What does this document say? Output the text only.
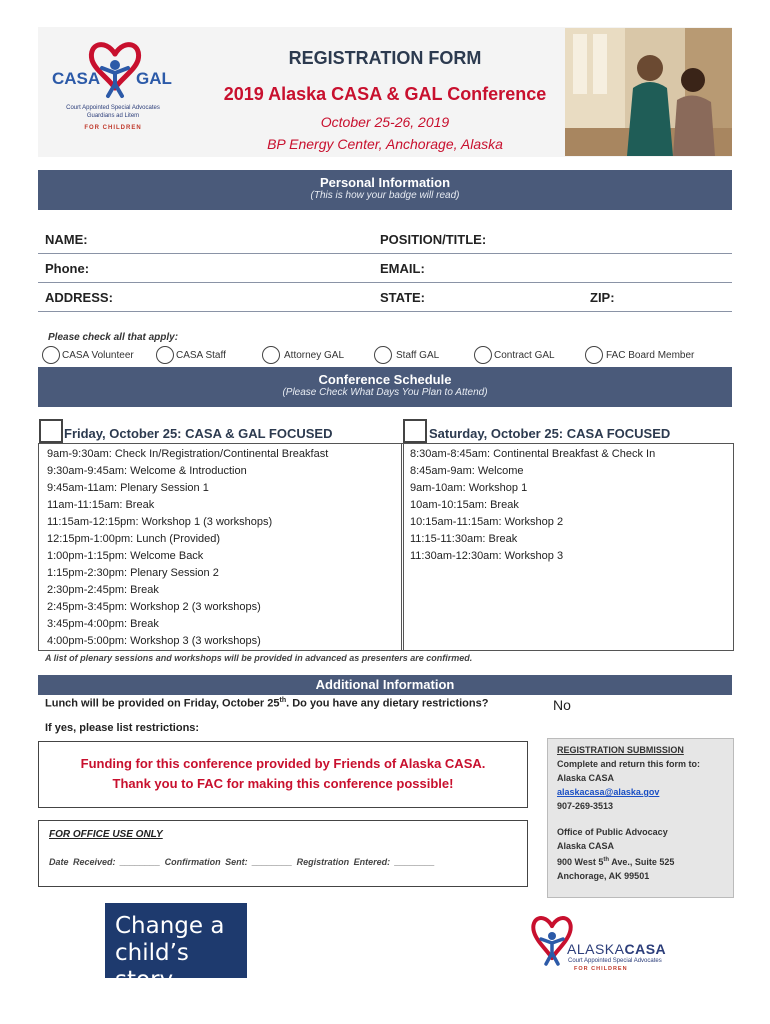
CASA GAL
Court Appointed Special Advocates
Guardians ad Litem
FOR CHILDREN
REGISTRATION FORM
2019 Alaska CASA & GAL Conference
October 25-26, 2019
BP Energy Center, Anchorage, Alaska
Personal Information
(This is how your badge will read)
NAME:	POSITION/TITLE:
Phone:	EMAIL:
ADDRESS:	STATE:	ZIP:
Please check all that apply:
CASA Volunteer	CASA Staff	Attorney GAL	Staff GAL	Contract GAL	FAC Board Member
Conference Schedule
(Please Check What Days You Plan to Attend)
Friday, October 25: CASA & GAL FOCUSED	Saturday, October 25: CASA FOCUSED
9am-9:30am: Check In/Registration/Continental Breakfast
9:30am-9:45am: Welcome & Introduction
9:45am-11am: Plenary Session 1
11am-11:15am: Break
11:15am-12:15pm: Workshop 1 (3 workshops)
12:15pm-1:00pm: Lunch (Provided)
1:00pm-1:15pm: Welcome Back
1:15pm-2:30pm: Plenary Session 2
2:30pm-2:45pm: Break
2:45pm-3:45pm: Workshop 2 (3 workshops)
3:45pm-4:00pm: Break
4:00pm-5:00pm: Workshop 3 (3 workshops)
8:30am-8:45am: Continental Breakfast & Check In
8:45am-9am: Welcome
9am-10am: Workshop 1
10am-10:15am: Break
10:15am-11:15am: Workshop 2
11:15-11:30am: Break
11:30am-12:30am: Workshop 3
A list of plenary sessions and workshops will be provided in advanced as presenters are confirmed.
Additional Information
Lunch will be provided on Friday, October 25th. Do you have any dietary restrictions?	No
If yes, please list restrictions:
Funding for this conference provided by Friends of Alaska CASA.
Thank you to FAC for making this conference possible!
FOR OFFICE USE ONLY
Date Received: ________ Confirmation Sent: ________ Registration Entered: ________
REGISTRATION SUBMISSION
Complete and return this form to:
Alaska CASA
alaskacasa@alaska.gov
907-269-3513
Office of Public Advocacy
Alaska CASA
900 West 5th Ave., Suite 525
Anchorage, AK 99501
Change a
child’s story.
ALASKACASA
Court Appointed Special Advocates
FOR CHILDREN
